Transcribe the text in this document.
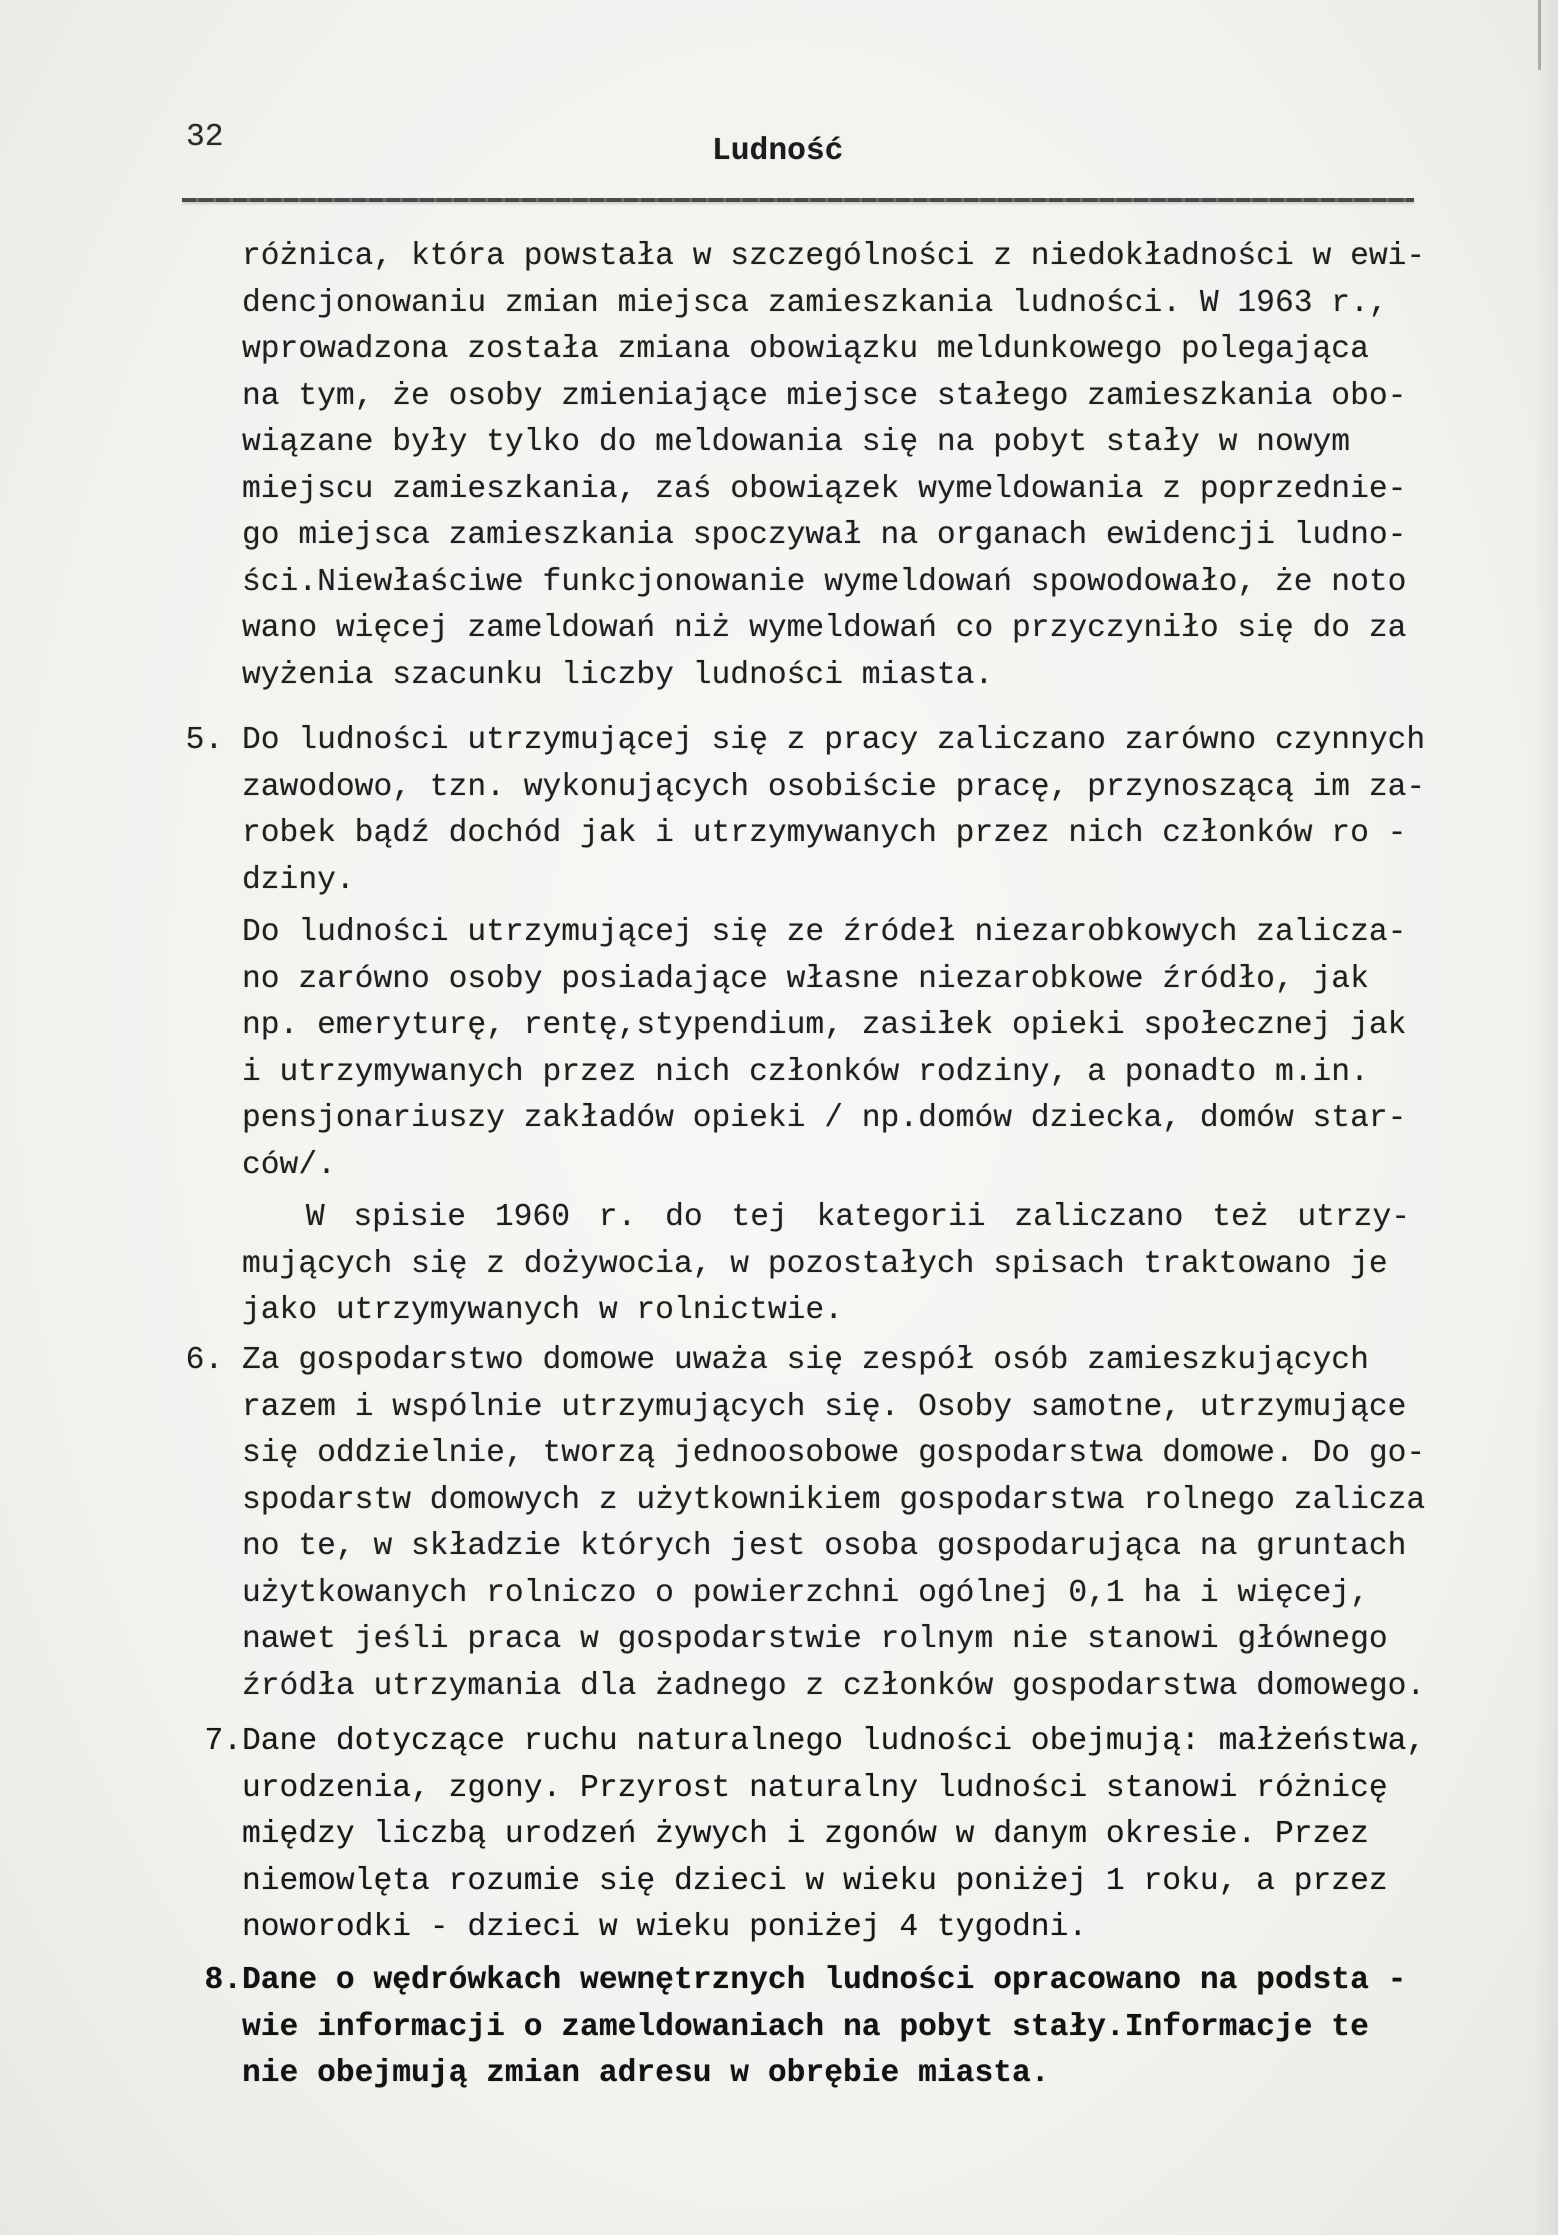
32	Ludność
różnica, która powstała w szczególności z niedokładności w ewi-
dencjonowaniu zmian miejsca zamieszkania ludności. W 1963 r.,
wprowadzona została zmiana obowiązku meldunkowego polegająca
na tym, że osoby zmieniające miejsce stałego zamieszkania obo-
wiązane były tylko do meldowania się na pobyt stały w nowym
miejscu zamieszkania, zaś obowiązek wymeldowania z poprzednie-
go miejsca zamieszkania spoczywał na organach ewidencji ludno-
ści.Niewłaściwe funkcjonowanie wymeldowań spowodowało, że noto
wano więcej zameldowań niż wymeldowań co przyczyniło się do za
wyżenia szacunku liczby ludności miasta.
5. Do ludności utrzymującej się z pracy zaliczano zarówno czynnych
zawodowo, tzn. wykonujących osobiście pracę, przynoszącą im za-
robek bądź dochód jak i utrzymywanych przez nich członków ro -
dziny.
Do ludności utrzymującej się ze źródeł niezarobkowych zalicza-
no zarówno osoby posiadające własne niezarobkowe źródło, jak
np. emeryturę, rentę,stypendium, zasiłek opieki społecznej jak
i utrzymywanych przez nich członków rodziny, a ponadto m.in.
pensjonariuszy zakładów opieki / np.domów dziecka, domów star-
ców/.
W spisie 1960 r. do tej kategorii zaliczano też utrzy-
mujących się z dożywocia, w pozostałych spisach traktowano je
jako utrzymywanych w rolnictwie.
6. Za gospodarstwo domowe uważa się zespół osób zamieszkujących
razem i wspólnie utrzymujących się. Osoby samotne, utrzymujące
się oddzielnie, tworzą jednoosobowe gospodarstwa domowe. Do go-
spodarstw domowych z użytkownikiem gospodarstwa rolnego zalicza
no te, w składzie których jest osoba gospodarująca na gruntach
użytkowanych rolniczo o powierzchni ogólnej 0,1 ha i więcej,
nawet jeśli praca w gospodarstwie rolnym nie stanowi głównego
źródła utrzymania dla żadnego z członków gospodarstwa domowego.
7. Dane dotyczące ruchu naturalnego ludności obejmują: małżeństwa,
urodzenia, zgony. Przyrost naturalny ludności stanowi różnicę
między liczbą urodzeń żywych i zgonów w danym okresie. Przez
niemowlęta rozumie się dzieci w wieku poniżej 1 roku, a przez
noworodki - dzieci w wieku poniżej 4 tygodni.
8. Dane o wędrówkach wewnętrznych ludności opracowano na podsta -
wie informacji o zameldowaniach na pobyt stały.Informacje te
nie obejmują zmian adresu w obrębie miasta.
